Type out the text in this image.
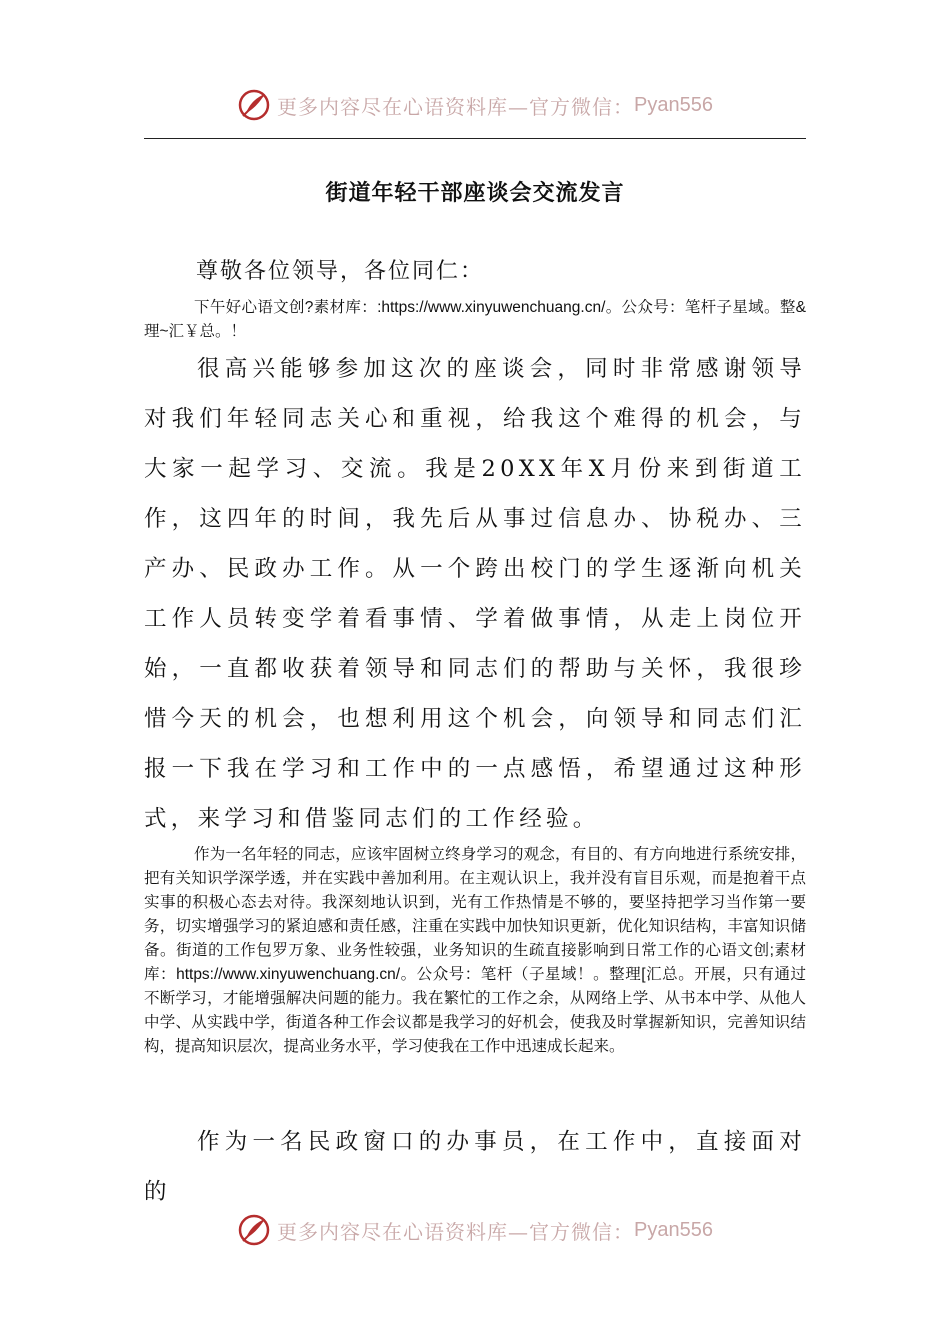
更多内容尽在心语资料库—官方微信： Pyan556
街道年轻干部座谈会交流发言
尊敬各位领导，各位同仁：
下午好心语文创?素材库：:https://www.xinyuwenchuang.cn/。公众号：笔杆子星域。整&理~汇￥总。！
很高兴能够参加这次的座谈会，同时非常感谢领导对我们年轻同志关心和重视，给我这个难得的机会，与大家一起学习、交流。我是20XX年X月份来到街道工作，这四年的时间，我先后从事过信息办、协税办、三产办、民政办工作。从一个跨出校门的学生逐渐向机关工作人员转变学着看事情、学着做事情，从走上岗位开始，一直都收获着领导和同志们的帮助与关怀，我很珍惜今天的机会，也想利用这个机会，向领导和同志们汇报一下我在学习和工作中的一点感悟，希望通过这种形式，来学习和借鉴同志们的工作经验。
作为一名年轻的同志，应该牢固树立终身学习的观念，有目的、有方向地进行系统安排，把有关知识学深学透，并在实践中善加利用。在主观认识上，我并没有盲目乐观，而是抱着干点实事的积极心态去对待。我深刻地认识到，光有工作热情是不够的，要坚持把学习当作第一要务，切实增强学习的紧迫感和责任感，注重在实践中加快知识更新，优化知识结构，丰富知识储备。街道的工作包罗万象、业务性较强，业务知识的生疏直接影响到日常工作的心语文创;素材库：https://www.xinyuwenchuang.cn/。公众号：笔杆（子星域！。整理[汇总。开展，只有通过不断学习，才能增强解决问题的能力。我在繁忙的工作之余，从网络上学、从书本中学、从他人中学、从实践中学，街道各种工作会议都是我学习的好机会，使我及时掌握新知识，完善知识结构，提高知识层次，提高业务水平，学习使我在工作中迅速成长起来。
作为一名民政窗口的办事员，在工作中，直接面对的
更多内容尽在心语资料库—官方微信： Pyan556
